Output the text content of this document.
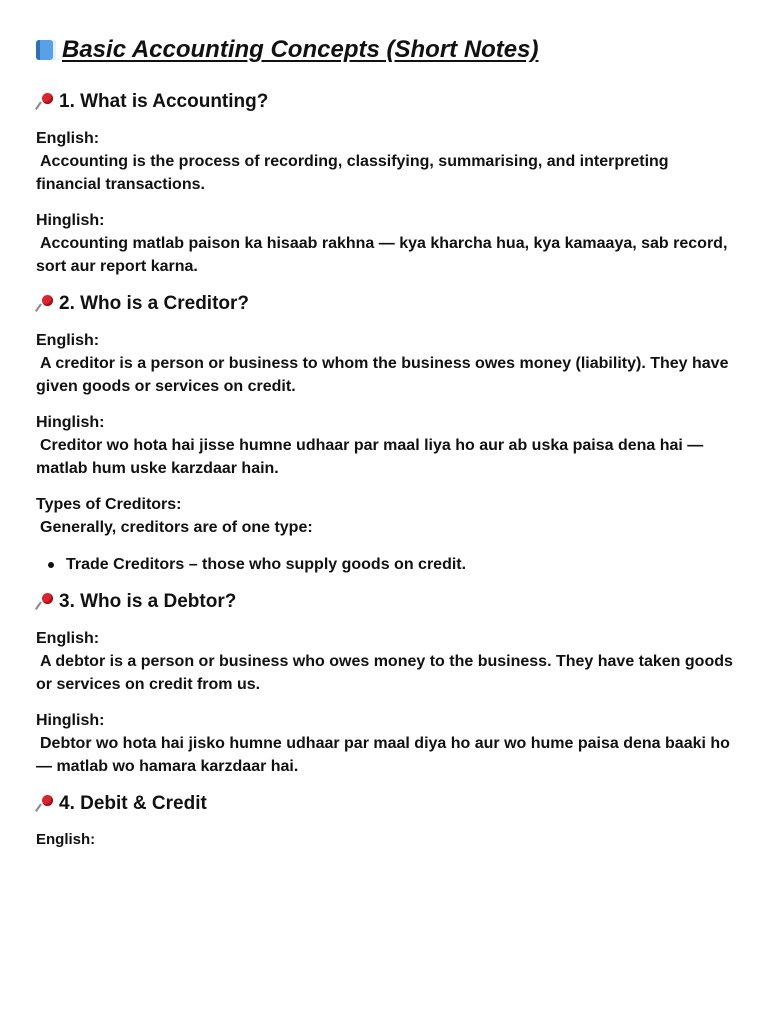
Basic Accounting Concepts (Short Notes)
1. What is Accounting?
English:

Accounting is the process of recording, classifying, summarising, and interpreting financial transactions.

Hinglish:

Accounting matlab paison ka hisaab rakhna — kya kharcha hua, kya kamaaya, sab record, sort aur report karna.

2. Who is a Creditor?
English:

A creditor is a person or business to whom the business owes money (liability). They have given goods or services on credit.

Hinglish:

Creditor wo hota hai jisse humne udhaar par maal liya ho aur ab uska paisa dena hai — matlab hum uske karzdaar hain.

Types of Creditors:

Generally, creditors are of one type:

Trade Creditors – those who supply goods on credit.
3. Who is a Debtor?
English:

A debtor is a person or business who owes money to the business. They have taken goods or services on credit from us.

Hinglish:

Debtor wo hota hai jisko humne udhaar par maal diya ho aur wo hume paisa dena baaki ho — matlab wo hamara karzdaar hai.

4. Debit & Credit
English:
